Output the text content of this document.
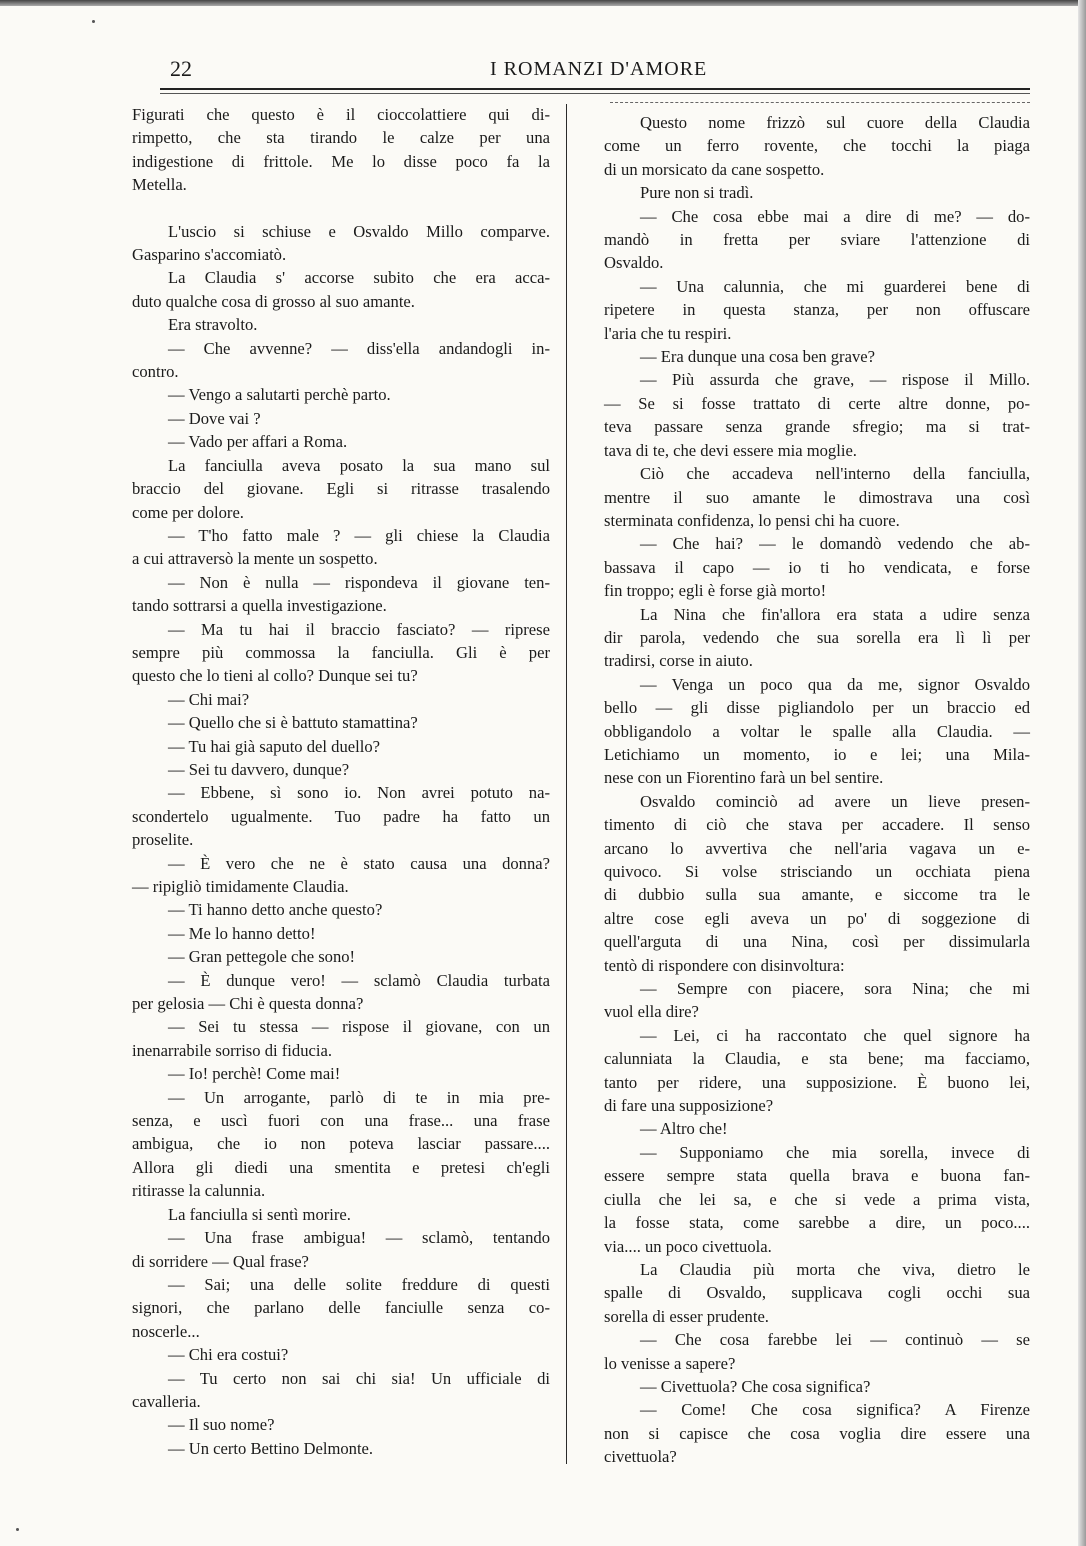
22	I ROMANZI D'AMORE

Figurati che questo è il cioccolattiere qui di-

rimpetto, che sta tirando le calze per una

indigestione di frittole. Me lo disse poco fa la

Metella.

L'uscio si schiuse e Osvaldo Millo comparve.

Gasparino s'accomiatò.

La Claudia s' accorse subito che era acca-

duto qualche cosa di grosso al suo amante.

Era stravolto.

— Che avvenne? — diss'ella andandogli in-

contro.

— Vengo a salutarti perchè parto.

— Dove vai ?

— Vado per affari a Roma.

La fanciulla aveva posato la sua mano sul

braccio del giovane. Egli si ritrasse trasalendo

come per dolore.

— T'ho fatto male ? — gli chiese la Claudia

a cui attraversò la mente un sospetto.

— Non è nulla — rispondeva il giovane ten-

tando sottrarsi a quella investigazione.

— Ma tu hai il braccio fasciato? — riprese

sempre più commossa la fanciulla. Gli è per

questo che lo tieni al collo? Dunque sei tu?

— Chi mai?

— Quello che si è battuto stamattina?

— Tu hai già saputo del duello?

— Sei tu davvero, dunque?

— Ebbene, sì sono io. Non avrei potuto na-

scondertelo ugualmente. Tuo padre ha fatto un

proselite.

— È vero che ne è stato causa una donna?

— ripigliò timidamente Claudia.

— Ti hanno detto anche questo?

— Me lo hanno detto!

— Gran pettegole che sono!

— È dunque vero! — sclamò Claudia turbata

per gelosia — Chi è questa donna?

— Sei tu stessa — rispose il giovane, con un

inenarrabile sorriso di fiducia.

— Io! perchè! Come mai!

— Un arrogante, parlò di te in mia pre-

senza, e uscì fuori con una frase... una frase

ambigua, che io non poteva lasciar passare....

Allora gli diedi una smentita e pretesi ch'egli

ritirasse la calunnia.

La fanciulla si sentì morire.

— Una frase ambigua! — sclamò, tentando

di sorridere — Qual frase?

— Sai; una delle solite freddure di questi

signori, che parlano delle fanciulle senza co-

noscerle...

— Chi era costui?

— Tu certo non sai chi sia! Un ufficiale di

cavalleria.

— Il suo nome?

— Un certo Bettino Delmonte.

Questo nome frizzò sul cuore della Claudia

come un ferro rovente, che tocchi la piaga

di un morsicato da cane sospetto.

Pure non si tradì.

— Che cosa ebbe mai a dire di me? — do-

mandò in fretta per sviare l'attenzione di

Osvaldo.

— Una calunnia, che mi guarderei bene di

ripetere in questa stanza, per non offuscare

l'aria che tu respiri.

— Era dunque una cosa ben grave?

— Più assurda che grave, — rispose il Millo.

— Se si fosse trattato di certe altre donne, po-

teva passare senza grande sfregio; ma si trat-

tava di te, che devi essere mia moglie.

Ciò che accadeva nell'interno della fanciulla,

mentre il suo amante le dimostrava una così

sterminata confidenza, lo pensi chi ha cuore.

— Che hai? — le domandò vedendo che ab-

bassava il capo — io ti ho vendicata, e forse

fin troppo; egli è forse già morto!

La Nina che fin'allora era stata a udire senza

dir parola, vedendo che sua sorella era lì lì per

tradirsi, corse in aiuto.

— Venga un poco qua da me, signor Osvaldo

bello — gli disse pigliandolo per un braccio ed

obbligandolo a voltar le spalle alla Claudia. —

Letichiamo un momento, io e lei; una Mila-

nese con un Fiorentino farà un bel sentire.

Osvaldo cominciò ad avere un lieve presen-

timento di ciò che stava per accadere. Il senso

arcano lo avvertiva che nell'aria vagava un e-

quivoco. Si volse strisciando un occhiata piena

di dubbio sulla sua amante, e siccome tra le

altre cose egli aveva un po' di soggezione di

quell'arguta di una Nina, così per dissimularla

tentò di rispondere con disinvoltura:

— Sempre con piacere, sora Nina; che mi

vuol ella dire?

— Lei, ci ha raccontato che quel signore ha

calunniata la Claudia, e sta bene; ma facciamo,

tanto per ridere, una supposizione. È buono lei,

di fare una supposizione?

— Altro che!

— Supponiamo che mia sorella, invece di

essere sempre stata quella brava e buona fan-

ciulla che lei sa, e che si vede a prima vista,

la fosse stata, come sarebbe a dire, un poco....

via.... un poco civettuola.

La Claudia più morta che viva, dietro le

spalle di Osvaldo, supplicava cogli occhi sua

sorella di esser prudente.

— Che cosa farebbe lei — continuò — se

lo venisse a sapere?

— Civettuola? Che cosa significa?

— Come! Che cosa significa? A Firenze

non si capisce che cosa voglia dire essere una

civettuola?
